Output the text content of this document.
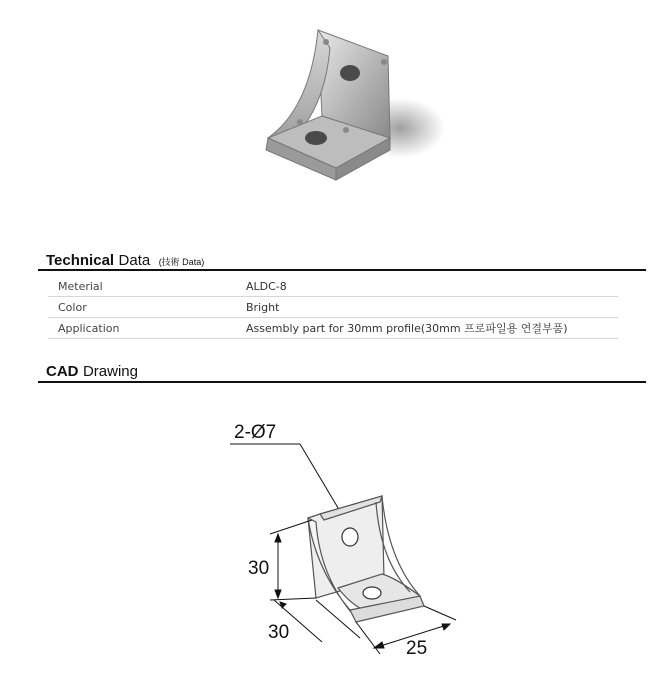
Technical Data (技術 Data)
Meterial	ALDC-8
Color	Bright
Application	Assembly part for 30mm profile(30mm 프로파일용 연결부품)
CAD Drawing
2-Ø7
30
30
25
